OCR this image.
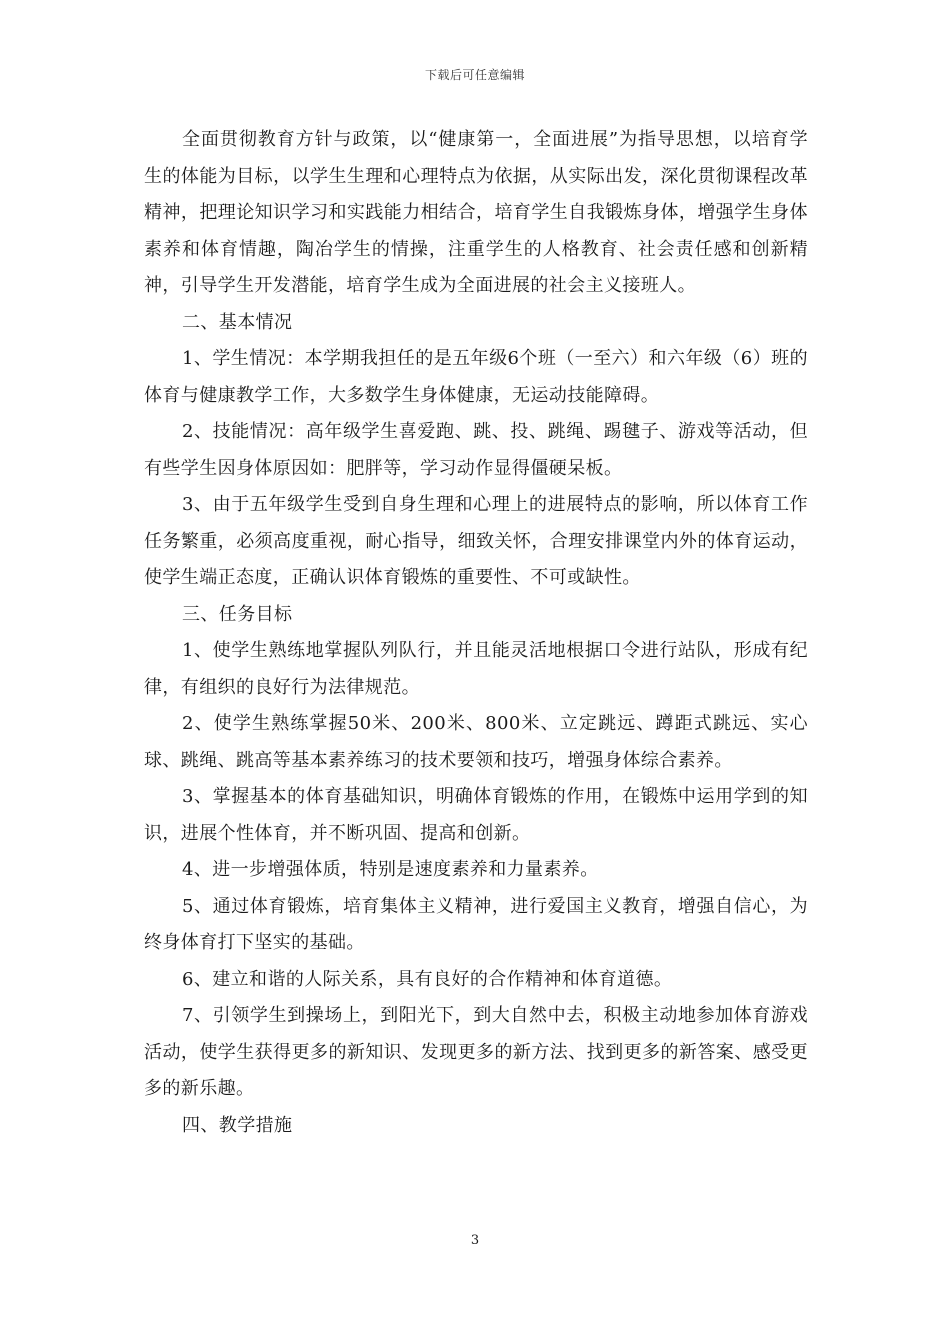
下载后可任意编辑

全面贯彻教育方针与政策，以“健康第一，全面进展”为指导思想，以培育学生的体能为目标，以学生生理和心理特点为依据，从实际出发，深化贯彻课程改革精神，把理论知识学习和实践能力相结合，培育学生自我锻炼身体，增强学生身体素养和体育情趣，陶冶学生的情操，注重学生的人格教育、社会责任感和创新精神，引导学生开发潜能，培育学生成为全面进展的社会主义接班人。

二、基本情况

1、学生情况：本学期我担任的是五年级6个班（一至六）和六年级（6）班的体育与健康教学工作，大多数学生身体健康，无运动技能障碍。

2、技能情况：高年级学生喜爱跑、跳、投、跳绳、踢毽子、游戏等活动，但有些学生因身体原因如：肥胖等，学习动作显得僵硬呆板。

3、由于五年级学生受到自身生理和心理上的进展特点的影响，所以体育工作任务繁重，必须高度重视，耐心指导，细致关怀，合理安排课堂内外的体育运动，使学生端正态度，正确认识体育锻炼的重要性、不可或缺性。

三、任务目标

1、使学生熟练地掌握队列队行，并且能灵活地根据口令进行站队，形成有纪律，有组织的良好行为法律规范。

2、使学生熟练掌握50米、200米、800米、立定跳远、蹲距式跳远、实心球、跳绳、跳高等基本素养练习的技术要领和技巧，增强身体综合素养。

3、掌握基本的体育基础知识，明确体育锻炼的作用，在锻炼中运用学到的知识，进展个性体育，并不断巩固、提高和创新。

4、进一步增强体质，特别是速度素养和力量素养。

5、通过体育锻炼，培育集体主义精神，进行爱国主义教育，增强自信心，为终身体育打下坚实的基础。

6、建立和谐的人际关系，具有良好的合作精神和体育道德。

7、引领学生到操场上，到阳光下，到大自然中去，积极主动地参加体育游戏活动，使学生获得更多的新知识、发现更多的新方法、找到更多的新答案、感受更多的新乐趣。

四、教学措施

3
